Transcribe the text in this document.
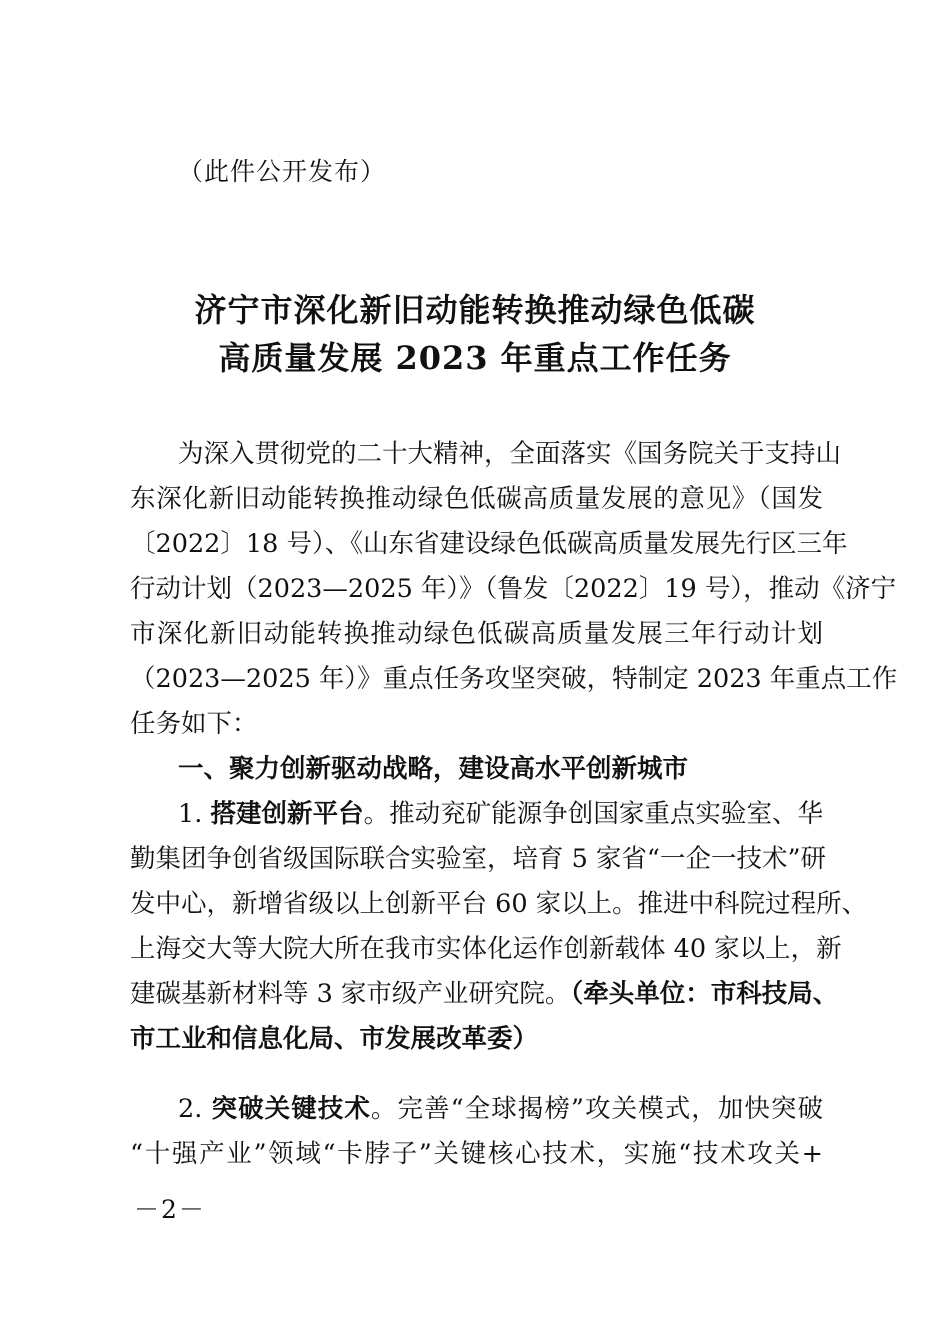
（此件公开发布）
济宁市深化新旧动能转换推动绿色低碳
高质量发展 2023 年重点工作任务
为深入贯彻党的二十大精神，全面落实《国务院关于支持山
东深化新旧动能转换推动绿色低碳高质量发展的意见》（国发
〔2022〕18 号）、《山东省建设绿色低碳高质量发展先行区三年
行动计划（2023—2025 年）》（鲁发〔2022〕19 号），推动《济宁
市深化新旧动能转换推动绿色低碳高质量发展三年行动计划
（2023—2025 年）》重点任务攻坚突破，特制定 2023 年重点工作
任务如下：
一、聚力创新驱动战略，建设高水平创新城市
1. 搭建创新平台。推动兖矿能源争创国家重点实验室、华
勤集团争创省级国际联合实验室，培育 5 家省“一企一技术”研
发中心，新增省级以上创新平台 60 家以上。推进中科院过程所、
上海交大等大院大所在我市实体化运作创新载体 40 家以上，新
建碳基新材料等 3 家市级产业研究院。（牵头单位：市科技局、
市工业和信息化局、市发展改革委）
2. 突破关键技术。完善“全球揭榜”攻关模式，加快突破
“十强产业”领域“卡脖子”关键核心技术，实施“技术攻关+
－2－
